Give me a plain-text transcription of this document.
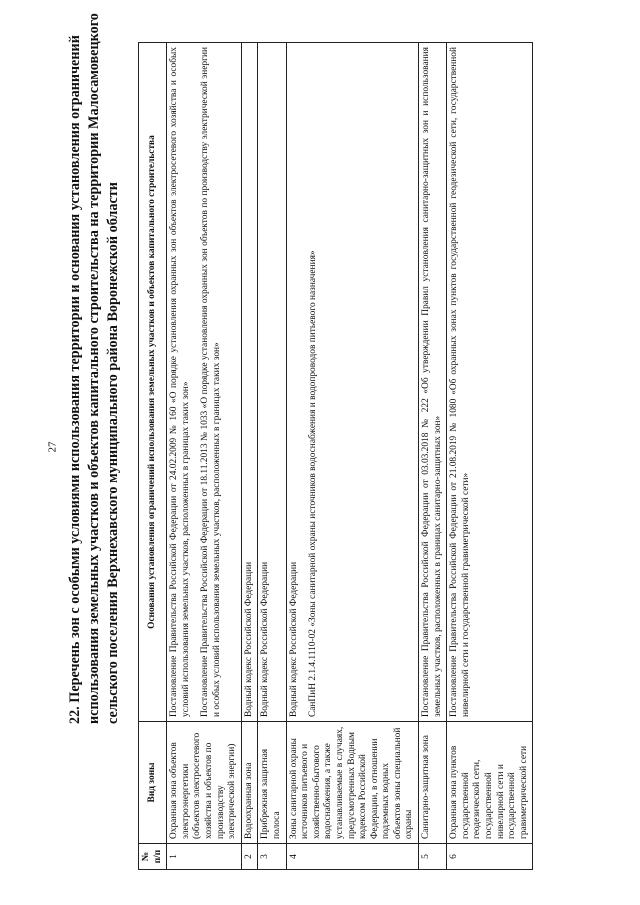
27 22. Перечень зон с особыми условиями использования территории и основания установления ограничений использования земельных участков и объектов капитального строительства на территории Малосамовецкого сельского поселения Верхнехавского муниципального района Воронежской области
№ п/п	Вид зоны	Основания установления ограничений использования земельных участков и объектов капитального строительства
1	Охранная зона объектов электроэнергетики (объектов электросетевого хозяйства и объектов по производству электрической энергии)	Постановление Правительства Российской Федерации от 24.02.2009 № 160 «О порядке установления охранных зон объектов электросетевого хозяйства и особых условий использования земельных участков, расположенных в границах таких зон» Постановление Правительства Российской Федерации от 18.11.2013 № 1033 «О порядке установления охранных зон объектов по производству электрической энергии и особых условий использования земельных участков, расположенных в границах таких зон»

2	Водоохранная зона	Водный кодекс Российской Федерации

3	Прибрежная защитная полоса	Водный кодекс Российской Федерации

4	Зоны санитарной охраны источников питьевого и хозяйственно-бытового водоснабжения, а также устанавливаемые в случаях, предусмотренных Водным кодексом Российской Федерации, в отношении подземных водных объектов зоны специальной охраны	Водный кодекс Российской Федерации СанПиН 2.1.4.1110-02 «Зоны санитарной охраны источников водоснабжения и водопроводов питьевого назначения»

5	Санитарно-защитная зона	Постановление Правительства Российской Федерации от 03.03.2018 № 222 «Об утверждении Правил установления санитарно-защитных зон и использования земельных участков, расположенных в границах санитарно-защитных зон»

6	Охранная зона пунктов государственной геодезической сети, государственной нивелирной сети и государственной гравиметрической сети	Постановление Правительства Российской Федерации от 21.08.2019 № 1080 «Об охранных зонах пунктов государственной геодезической сети, государственной нивелирной сети и государственной гравиметрической сети»
